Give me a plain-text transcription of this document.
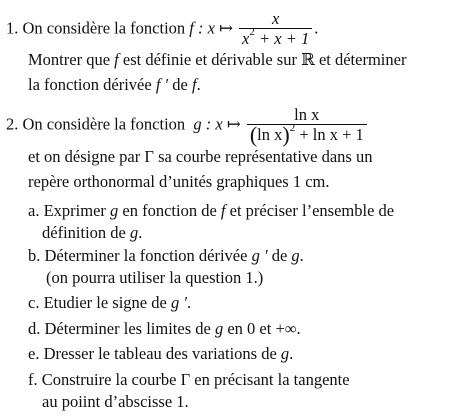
1. On considère la fonction f : x ↦ $\frac{x}{x^2 + x + 1}$ .
Montrer que f est définie et dérivable sur ℝ et déterminer
la fonction dérivée f ′ de f.
2. On considère la fonction g : x ↦ $\frac{\text{ln x}}{(\ln x)^2 + \ln x + 1}$
et on désigne par Γ sa courbe représentative dans un
repère orthonormal d’unités graphiques 1 cm.
a. Exprimer g en fonction de f et préciser l’ensemble de
définition de g.
b. Déterminer la fonction dérivée g ′ de g.
(on pourra utiliser la question 1.)
c. Etudier le signe de g ′.
d. Déterminer les limites de g en 0 et +∞.
e. Dresser le tableau des variations de g.
f. Construire la courbe Γ en précisant la tangente
au poiint d’abscisse 1.
